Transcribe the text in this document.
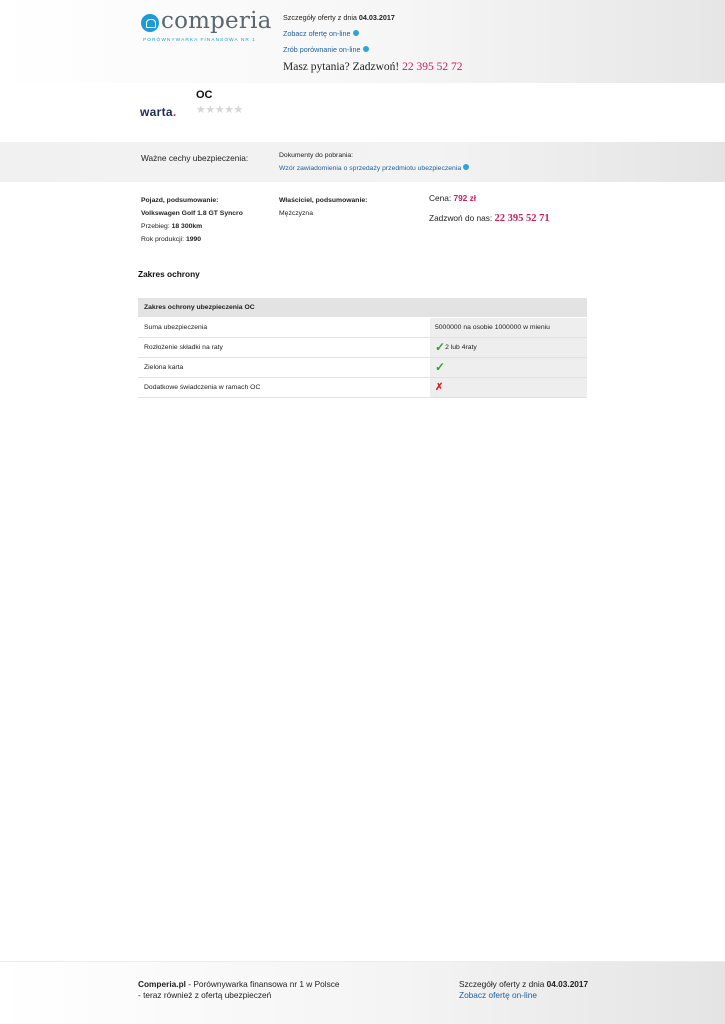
comperia
PORÓWNYWARKA FINANSOWA NR 1
Szczegóły oferty z dnia 04.03.2017
Zobacz ofertę on-line
Zrób porównanie on-line
Masz pytania? Zadzwoń! 22 395 52 72
warta.
OC
★★★★★
Ważne cechy ubezpieczenia:	Dokumenty do pobrania:
Wzór zawiadomienia o sprzedaży przedmiotu ubezpieczenia
Pojazd, podsumowanie:
Volkswagen Golf 1.8 GT Syncro
Przebieg: 18 300km
Rok produkcji: 1990
Właściciel, podsumowanie:
Mężczyzna
Cena: 792 zł
Zadzwoń do nas: 22 395 52 71
Zakres ochrony
Zakres ochrony ubezpieczenia OC	
Suma ubezpieczenia	5000000 na osobie 1000000 w mieniu
Rozłożenie składki na raty	✓2 lub 4raty
Zielona karta	✓
Dodatkowe świadczenia w ramach OC	✗
Comperia.pl - Porównywarka finansowa nr 1 w Polsce
- teraz również z ofertą ubezpieczeń
Szczegóły oferty z dnia 04.03.2017
Zobacz ofertę on-line
